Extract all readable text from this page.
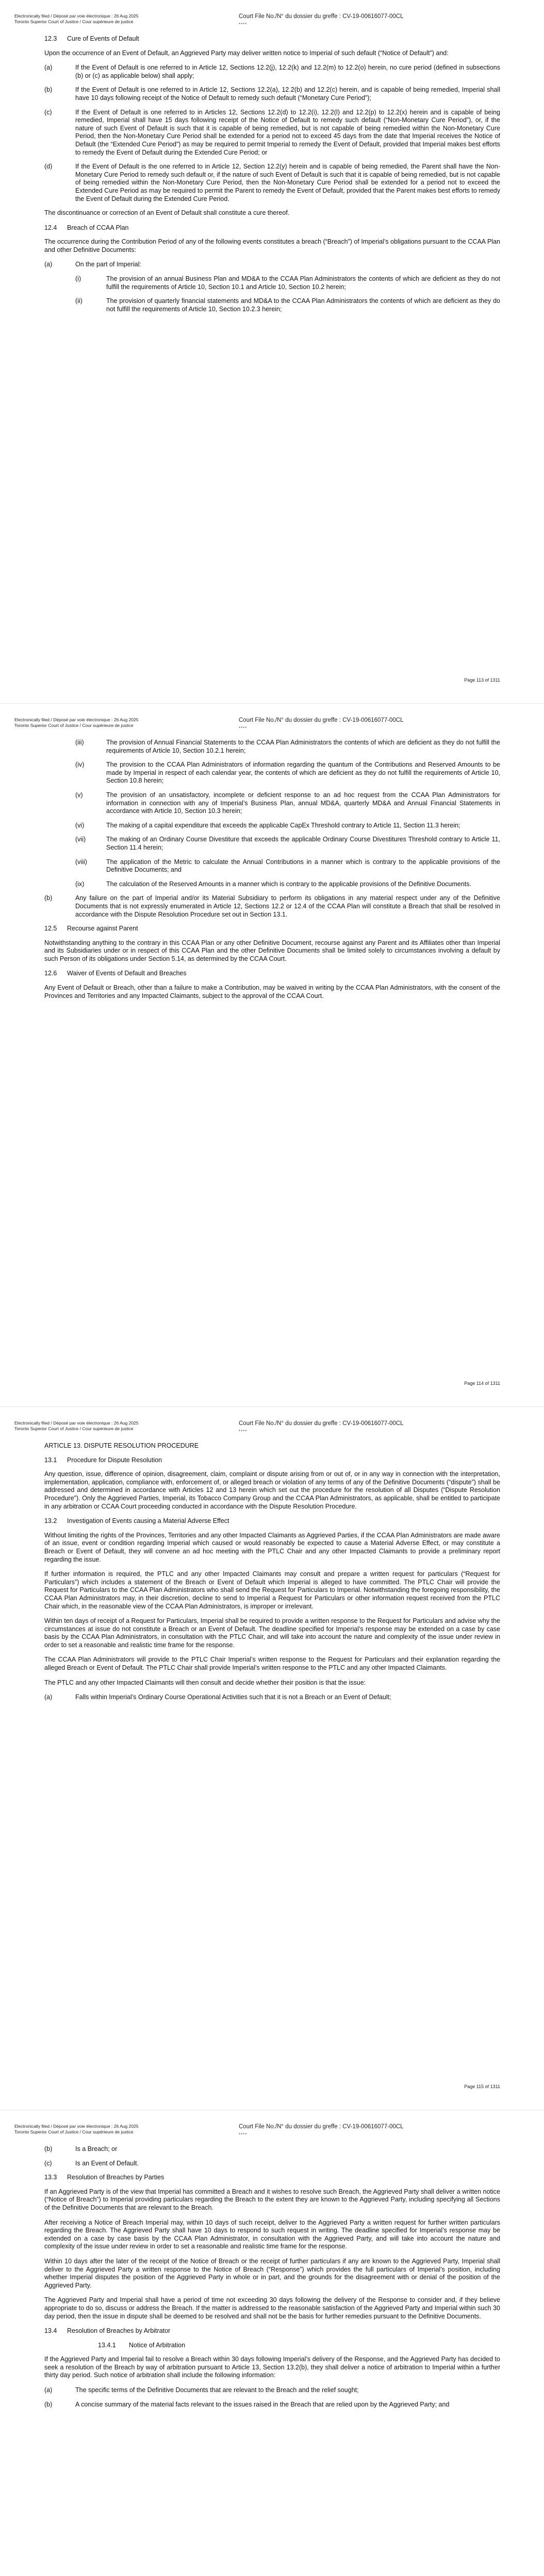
Electronically filed / Déposé par voie électronique : 26 Aug 2025
Toronto Superior Court of Justice / Cour supérieure de justice
Court File No./N° du dossier du greffe : CV-19-00616077-00CL
****
12.3 Cure of Events of Default

Upon the occurrence of an Event of Default, an Aggrieved Party may deliver written notice to Imperial of such default (“Notice of Default”) and:

(a)	If the Event of Default is one referred to in Article 12, Sections 12.2(j), 12.2(k) and 12.2(m) to 12.2(o) herein, no cure period (defined in subsections (b) or (c) as applicable below) shall apply;
(b)	If the Event of Default is one referred to in Article 12, Sections 12.2(a), 12.2(b) and 12.2(c) herein, and is capable of being remedied, Imperial shall have 10 days following receipt of the Notice of Default to remedy such default (“Monetary Cure Period”);
(c)	If the Event of Default is one referred to in Articles 12, Sections 12.2(d) to 12.2(i), 12.2(l) and 12.2(p) to 12.2(x) herein and is capable of being remedied, Imperial shall have 15 days following receipt of the Notice of Default to remedy such default (“Non-Monetary Cure Period”), or, if the nature of such Event of Default is such that it is capable of being remedied, but is not capable of being remedied within the Non-Monetary Cure Period, then the Non-Monetary Cure Period shall be extended for a period not to exceed 45 days from the date that Imperial receives the Notice of Default (the “Extended Cure Period”) as may be required to permit Imperial to remedy the Event of Default, provided that Imperial makes best efforts to remedy the Event of Default during the Extended Cure Period; or
(d)	If the Event of Default is the one referred to in Article 12, Section 12.2(y) herein and is capable of being remedied, the Parent shall have the Non-Monetary Cure Period to remedy such default or, if the nature of such Event of Default is such that it is capable of being remedied, but is not capable of being remedied within the Non-Monetary Cure Period, then the Non-Monetary Cure Period shall be extended for a period not to exceed the Extended Cure Period as may be required to permit the Parent to remedy the Event of Default, provided that the Parent makes best efforts to remedy the Event of Default during the Extended Cure Period.

The discontinuance or correction of an Event of Default shall constitute a cure thereof.

12.4 Breach of CCAA Plan

The occurrence during the Contribution Period of any of the following events constitutes a breach (“Breach”) of Imperial’s obligations pursuant to the CCAA Plan and other Definitive Documents:

(a)	On the part of Imperial:
(i)	The provision of an annual Business Plan and MD&A to the CCAA Plan Administrators the contents of which are deficient as they do not fulfill the requirements of Article 10, Section 10.1 and Article 10, Section 10.2 herein;
(ii)	The provision of quarterly financial statements and MD&A to the CCAA Plan Administrators the contents of which are deficient as they do not fulfill the requirements of Article 10, Section 10.2.3 herein;
Page 113 of 1311
Electronically filed / Déposé par voie électronique : 26 Aug 2025
Toronto Superior Court of Justice / Cour supérieure de justice
Court File No./N° du dossier du greffe : CV-19-00616077-00CL
****
(iii)	The provision of Annual Financial Statements to the CCAA Plan Administrators the contents of which are deficient as they do not fulfill the requirements of Article 10, Section 10.2.1 herein;
(iv)	The provision to the CCAA Plan Administrators of information regarding the quantum of the Contributions and Reserved Amounts to be made by Imperial in respect of each calendar year, the contents of which are deficient as they do not fulfill the requirements of Article 10, Section 10.8 herein;
(v)	The provision of an unsatisfactory, incomplete or deficient response to an ad hoc request from the CCAA Plan Administrators for information in connection with any of Imperial’s Business Plan, annual MD&A, quarterly MD&A and Annual Financial Statements in accordance with Article 10, Section 10.3 herein;
(vi)	The making of a capital expenditure that exceeds the applicable CapEx Threshold contrary to Article 11, Section 11.3 herein;
(vii)	The making of an Ordinary Course Divestiture that exceeds the applicable Ordinary Course Divestitures Threshold contrary to Article 11, Section 11.4 herein;
(viii)	The application of the Metric to calculate the Annual Contributions in a manner which is contrary to the applicable provisions of the Definitive Documents; and
(ix)	The calculation of the Reserved Amounts in a manner which is contrary to the applicable provisions of the Definitive Documents.
(b)	Any failure on the part of Imperial and/or its Material Subsidiary to perform its obligations in any material respect under any of the Definitive Documents that is not expressly enumerated in Article 12, Sections 12.2 or 12.4 of the CCAA Plan will constitute a Breach that shall be resolved in accordance with the Dispute Resolution Procedure set out in Section 13.1.
12.5 Recourse against Parent

Notwithstanding anything to the contrary in this CCAA Plan or any other Definitive Document, recourse against any Parent and its Affiliates other than Imperial and its Subsidiaries under or in respect of this CCAA Plan and the other Definitive Documents shall be limited solely to circumstances involving a default by such Person of its obligations under Section 5.14, as determined by the CCAA Court.

12.6 Waiver of Events of Default and Breaches

Any Event of Default or Breach, other than a failure to make a Contribution, may be waived in writing by the CCAA Plan Administrators, with the consent of the Provinces and Territories and any Impacted Claimants, subject to the approval of the CCAA Court.

Page 114 of 1311
Electronically filed / Déposé par voie électronique : 26 Aug 2025
Toronto Superior Court of Justice / Cour supérieure de justice
Court File No./N° du dossier du greffe : CV-19-00616077-00CL
****
ARTICLE 13. DISPUTE RESOLUTION PROCEDURE
13.1 Procedure for Dispute Resolution

Any question, issue, difference of opinion, disagreement, claim, complaint or dispute arising from or out of, or in any way in connection with the interpretation, implementation, application, compliance with, enforcement of, or alleged breach or violation of any terms of any of the Definitive Documents (“dispute”) shall be addressed and determined in accordance with Articles 12 and 13 herein which set out the procedure for the resolution of all Disputes (“Dispute Resolution Procedure”). Only the Aggrieved Parties, Imperial, its Tobacco Company Group and the CCAA Plan Administrators, as applicable, shall be entitled to participate in any arbitration or CCAA Court proceeding conducted in accordance with the Dispute Resolution Procedure.

13.2 Investigation of Events causing a Material Adverse Effect

Without limiting the rights of the Provinces, Territories and any other Impacted Claimants as Aggrieved Parties, if the CCAA Plan Administrators are made aware of an issue, event or condition regarding Imperial which caused or would reasonably be expected to cause a Material Adverse Effect, or may constitute a Breach or Event of Default, they will convene an ad hoc meeting with the PTLC Chair and any other Impacted Claimants to provide a preliminary report regarding the issue.

If further information is required, the PTLC and any other Impacted Claimants may consult and prepare a written request for particulars (“Request for Particulars”) which includes a statement of the Breach or Event of Default which Imperial is alleged to have committed. The PTLC Chair will provide the Request for Particulars to the CCAA Plan Administrators who shall send the Request for Particulars to Imperial. Notwithstanding the foregoing responsibility, the CCAA Plan Administrators may, in their discretion, decline to send to Imperial a Request for Particulars or other information request received from the PTLC Chair which, in the reasonable view of the CCAA Plan Administrators, is improper or irrelevant.

Within ten days of receipt of a Request for Particulars, Imperial shall be required to provide a written response to the Request for Particulars and advise why the circumstances at issue do not constitute a Breach or an Event of Default. The deadline specified for Imperial’s response may be extended on a case by case basis by the CCAA Plan Administrators, in consultation with the PTLC Chair, and will take into account the nature and complexity of the issue under review in order to set a reasonable and realistic time frame for the response.

The CCAA Plan Administrators will provide to the PTLC Chair Imperial’s written response to the Request for Particulars and their explanation regarding the alleged Breach or Event of Default. The PTLC Chair shall provide Imperial’s written response to the PTLC and any other Impacted Claimants.

The PTLC and any other Impacted Claimants will then consult and decide whether their position is that the issue:

(a)	Falls within Imperial’s Ordinary Course Operational Activities such that it is not a Breach or an Event of Default;
Page 115 of 1311
Electronically filed / Déposé par voie électronique : 26 Aug 2025
Toronto Superior Court of Justice / Cour supérieure de justice
Court File No./N° du dossier du greffe : CV-19-00616077-00CL
****
(b)	Is a Breach; or
(c)	Is an Event of Default.
13.3 Resolution of Breaches by Parties

If an Aggrieved Party is of the view that Imperial has committed a Breach and it wishes to resolve such Breach, the Aggrieved Party shall deliver a written notice (“Notice of Breach”) to Imperial providing particulars regarding the Breach to the extent they are known to the Aggrieved Party, including specifying all Sections of the Definitive Documents that are relevant to the Breach.

After receiving a Notice of Breach Imperial may, within 10 days of such receipt, deliver to the Aggrieved Party a written request for further written particulars regarding the Breach. The Aggrieved Party shall have 10 days to respond to such request in writing. The deadline specified for Imperial’s response may be extended on a case by case basis by the CCAA Plan Administrator, in consultation with the Aggrieved Party, and will take into account the nature and complexity of the issue under review in order to set a reasonable and realistic time frame for the response.

Within 10 days after the later of the receipt of the Notice of Breach or the receipt of further particulars if any are known to the Aggrieved Party, Imperial shall deliver to the Aggrieved Party a written response to the Notice of Breach (“Response”) which provides the full particulars of Imperial’s position, including whether Imperial disputes the position of the Aggrieved Party in whole or in part, and the grounds for the disagreement with or denial of the position of the Aggrieved Party.

The Aggrieved Party and Imperial shall have a period of time not exceeding 30 days following the delivery of the Response to consider and, if they believe appropriate to do so, discuss or address the Breach. If the matter is addressed to the reasonable satisfaction of the Aggrieved Party and Imperial within such 30 day period, then the issue in dispute shall be deemed to be resolved and shall not be the basis for further remedies pursuant to the Definitive Documents.

13.4 Resolution of Breaches by Arbitrator
13.4.1 Notice of Arbitration

If the Aggrieved Party and Imperial fail to resolve a Breach within 30 days following Imperial’s delivery of the Response, and the Aggrieved Party has decided to seek a resolution of the Breach by way of arbitration pursuant to Article 13, Section 13.2(b), they shall deliver a notice of arbitration to Imperial within a further thirty day period. Such notice of arbitration shall include the following information:

(a)	The specific terms of the Definitive Documents that are relevant to the Breach and the relief sought;
(b)	A concise summary of the material facts relevant to the issues raised in the Breach that are relied upon by the Aggrieved Party; and
